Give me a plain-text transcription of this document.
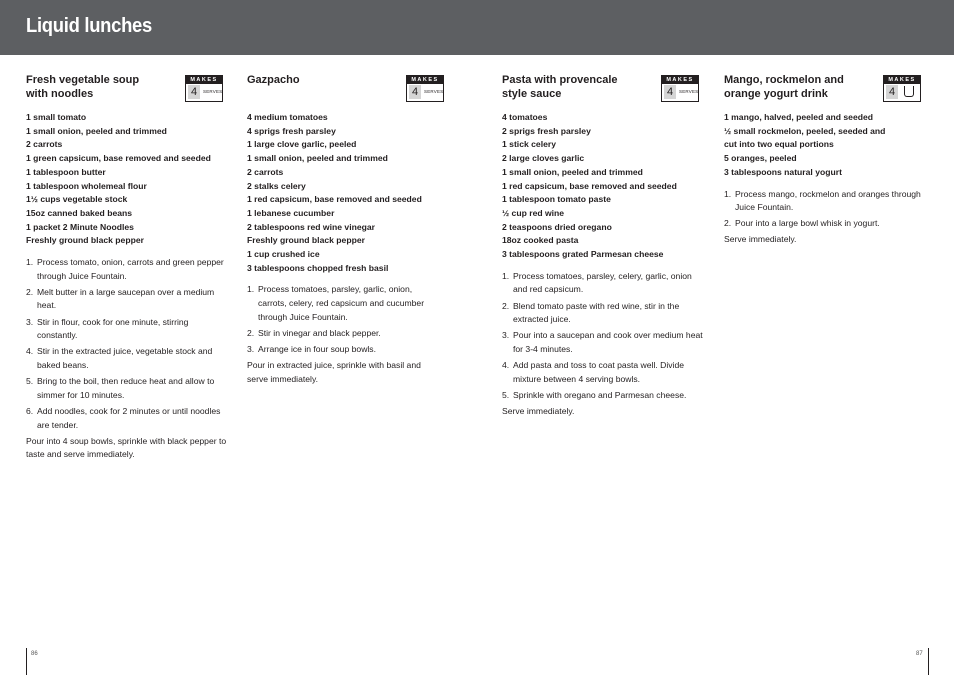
Liquid lunches
Fresh vegetable soup with noodles
MAKES
4	SERVES
1 small tomato
1 small onion, peeled and trimmed
2 carrots
1 green capsicum, base removed and seeded
1 tablespoon butter
1 tablespoon wholemeal flour
1½ cups vegetable stock
15oz canned baked beans
1 packet 2 Minute Noodles
Freshly ground black pepper
1. Process tomato, onion, carrots and green pepper through Juice Fountain.
2. Melt butter in a large saucepan over a medium heat.
3. Stir in flour, cook for one minute, stirring constantly.
4. Stir in the extracted juice, vegetable stock and baked beans.
5. Bring to the boil, then reduce heat and allow to simmer for 10 minutes.
6. Add noodles, cook for 2 minutes or until noodles are tender.

Pour into 4 soup bowls, sprinkle with black pepper to taste and serve immediately.

Gazpacho	MAKES
4	SERVES
4 medium tomatoes
4 sprigs fresh parsley
1 large clove garlic, peeled
1 small onion, peeled and trimmed
2 carrots
2 stalks celery
1 red capsicum, base removed and seeded
1 lebanese cucumber
2 tablespoons red wine vinegar
Freshly ground black pepper
1 cup crushed ice
3 tablespoons chopped fresh basil
1. Process tomatoes, parsley, garlic, onion, carrots, celery, red capsicum and cucumber through Juice Fountain.
2. Stir in vinegar and black pepper.
3. Arrange ice in four soup bowls.

Pour in extracted juice, sprinkle with basil and serve immediately.

Pasta with provencale style sauce
MAKES
4	SERVES
4 tomatoes
2 sprigs fresh parsley
1 stick celery
2 large cloves garlic
1 small onion, peeled and trimmed
1 red capsicum, base removed and seeded
1 tablespoon tomato paste
½ cup red wine
2 teaspoons dried oregano
18oz cooked pasta
3 tablespoons grated Parmesan cheese
1. Process tomatoes, parsley, celery, garlic, onion and red capsicum.
2. Blend tomato paste with red wine, stir in the extracted juice.
3. Pour into a saucepan and cook over medium heat for 3-4 minutes.
4. Add pasta and toss to coat pasta well. Divide mixture between 4 serving bowls.
5. Sprinkle with oregano and Parmesan cheese.

Serve immediately.

Mango, rockmelon and orange yogurt drink
MAKES
4
1 mango, halved, peeled and seeded
½ small rockmelon, peeled, seeded and
cut into two equal portions
5 oranges, peeled
3 tablespoons natural yogurt
1. Process mango, rockmelon and oranges through Juice Fountain.
2. Pour into a large bowl whisk in yogurt.

Serve immediately.

86	87
